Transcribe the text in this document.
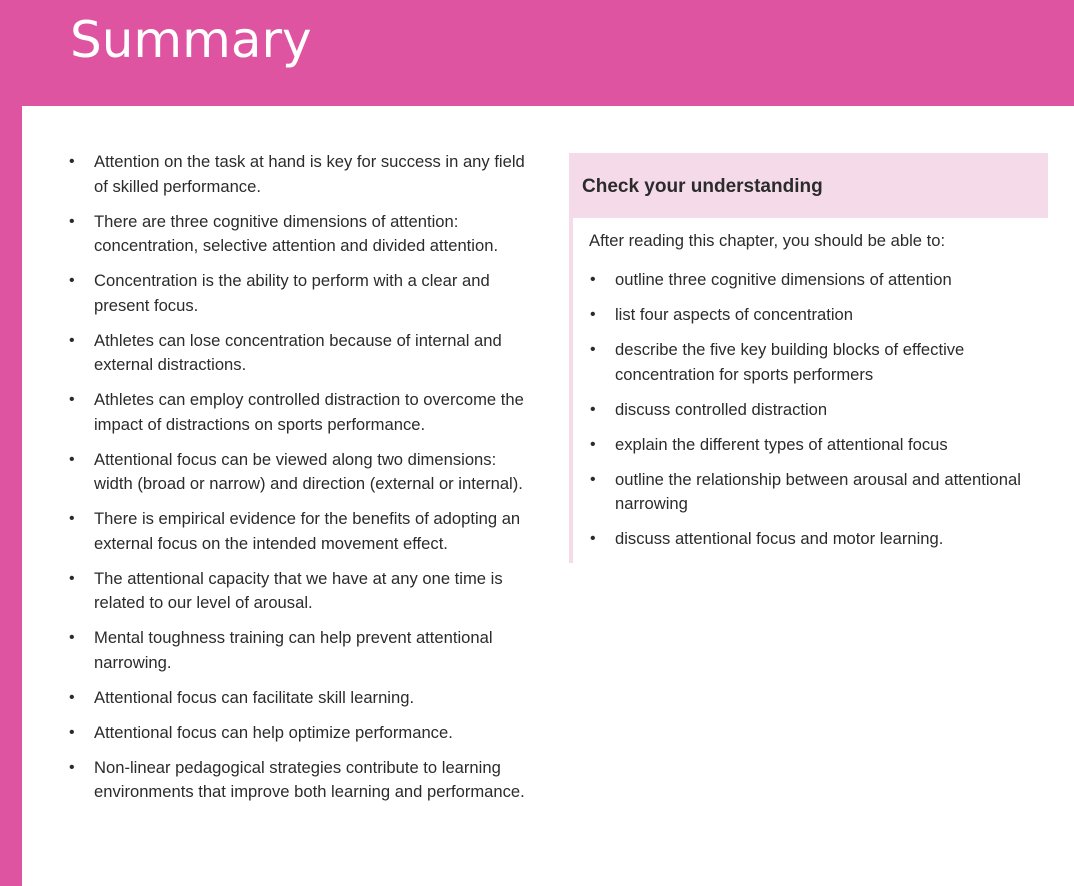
Summary
• Attention on the task at hand is key for success in any field of skilled performance.
• There are three cognitive dimensions of attention: concentration, selective attention and divided attention.
• Concentration is the ability to perform with a clear and present focus.
• Athletes can lose concentration because of internal and external distractions.
• Athletes can employ controlled distraction to overcome the impact of distractions on sports performance.
• Attentional focus can be viewed along two dimensions: width (broad or narrow) and direction (external or internal).
• There is empirical evidence for the benefits of adopting an external focus on the intended movement effect.
• The attentional capacity that we have at any one time is related to our level of arousal.
• Mental toughness training can help prevent attentional narrowing.
• Attentional focus can facilitate skill learning.
• Attentional focus can help optimize performance.
• Non-linear pedagogical strategies contribute to learning environments that improve both learning and performance.
Check your understanding

After reading this chapter, you should be able to:

• outline three cognitive dimensions of attention
• list four aspects of concentration
• describe the five key building blocks of effective concentration for sports performers
• discuss controlled distraction
• explain the different types of attentional focus
• outline the relationship between arousal and attentional narrowing
• discuss attentional focus and motor learning.
